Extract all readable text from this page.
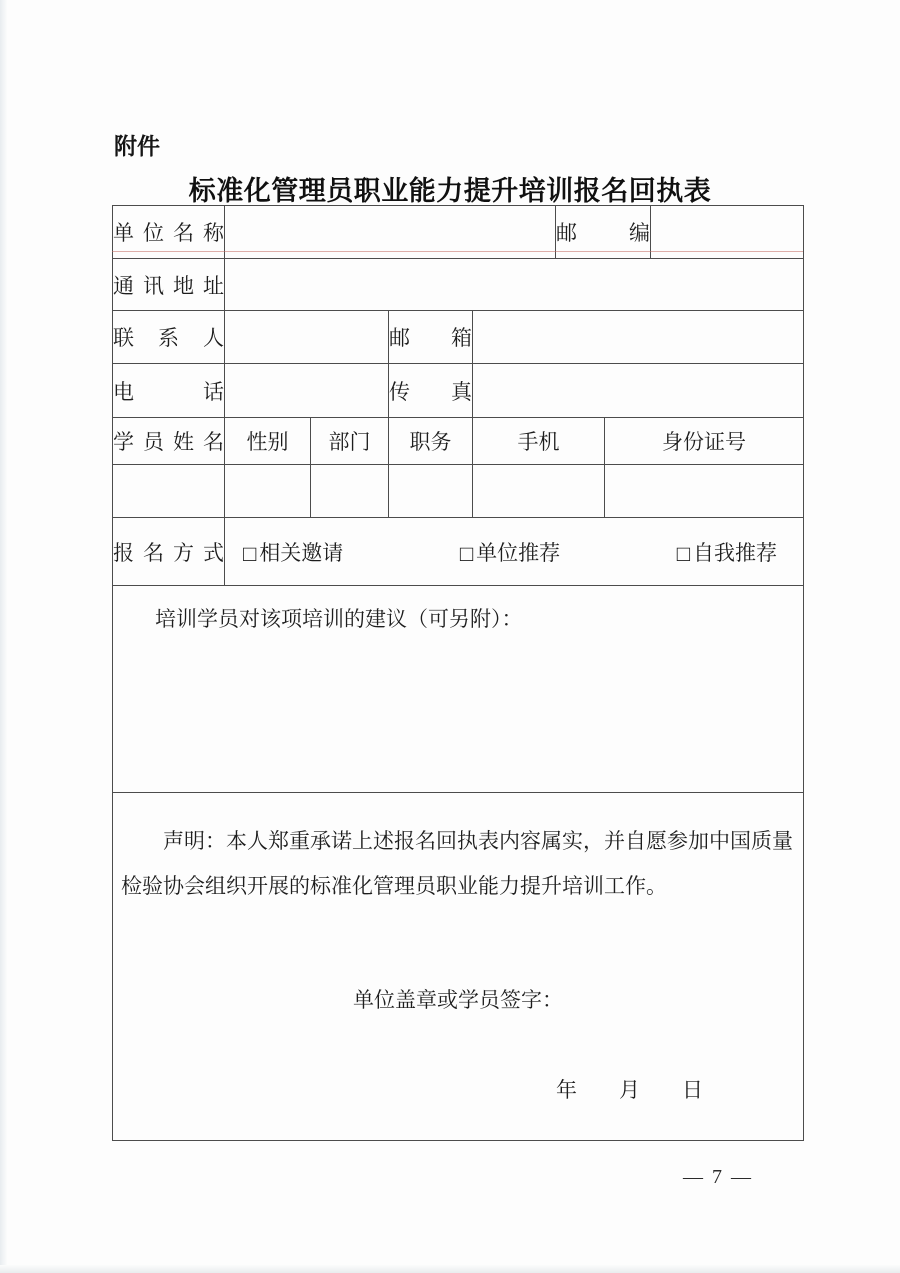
附件
标准化管理员职业能力提升培训报名回执表
单位名称					邮 编		

通讯地址							

联 系 人			邮 箱				

电 话			传 真				

学员姓名	性别	部门	职务	手机		身份证号	

报名方式	□ 相关邀请 □ 单位推荐 □ 自我推荐						

培训学员对该项培训的建议（可另附）：							

声明：本人郑重承诺上述报名回执表内容属实，并自愿参加中国质量检验协会组织开展的标准化管理员职业能力提升培训工作。

单位盖章或学员签字：
年　　月　　日							
— 7 —
